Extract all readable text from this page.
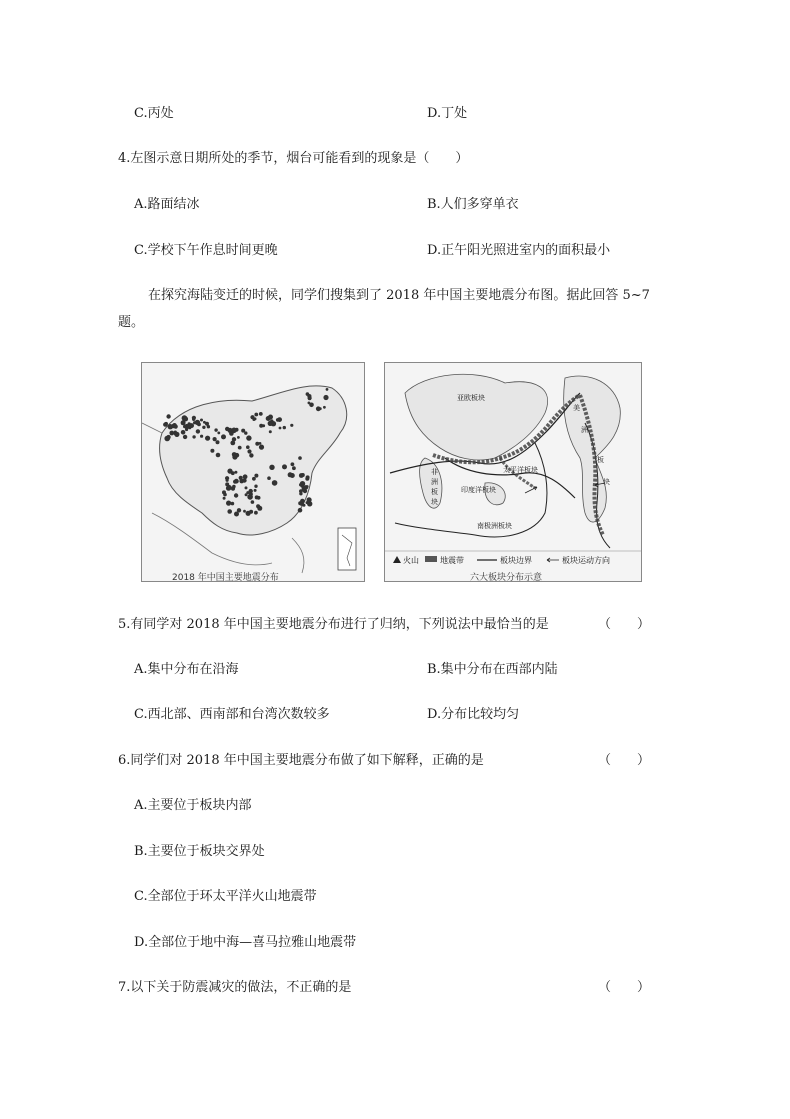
C.丙处	D.丁处
4.左图示意日期所处的季节，烟台可能看到的现象是（　　）
A.路面结冰	B.人们多穿单衣
C.学校下午作息时间更晚	D.正午阳光照进室内的面积最小
在探究海陆变迁的时候，同学们搜集到了 2018 年中国主要地震分布图。据此回答 5~7
题。
2018 年中国主要地震分布
亚欧板块
太平洋板块
印度洋板块
南极洲板块
美
洲
板
块
非
洲
板
块
火山	地震带	板块边界	板块运动方向
六大板块分布示意
5.有同学对 2018 年中国主要地震分布进行了归纳，下列说法中最恰当的是	（　　）
A.集中分布在沿海	B.集中分布在西部内陆
C.西北部、西南部和台湾次数较多	D.分布比较均匀
6.同学们对 2018 年中国主要地震分布做了如下解释，正确的是	（　　）
A.主要位于板块内部
B.主要位于板块交界处
C.全部位于环太平洋火山地震带
D.全部位于地中海—喜马拉雅山地震带
7.以下关于防震减灾的做法，不正确的是	（　　）
